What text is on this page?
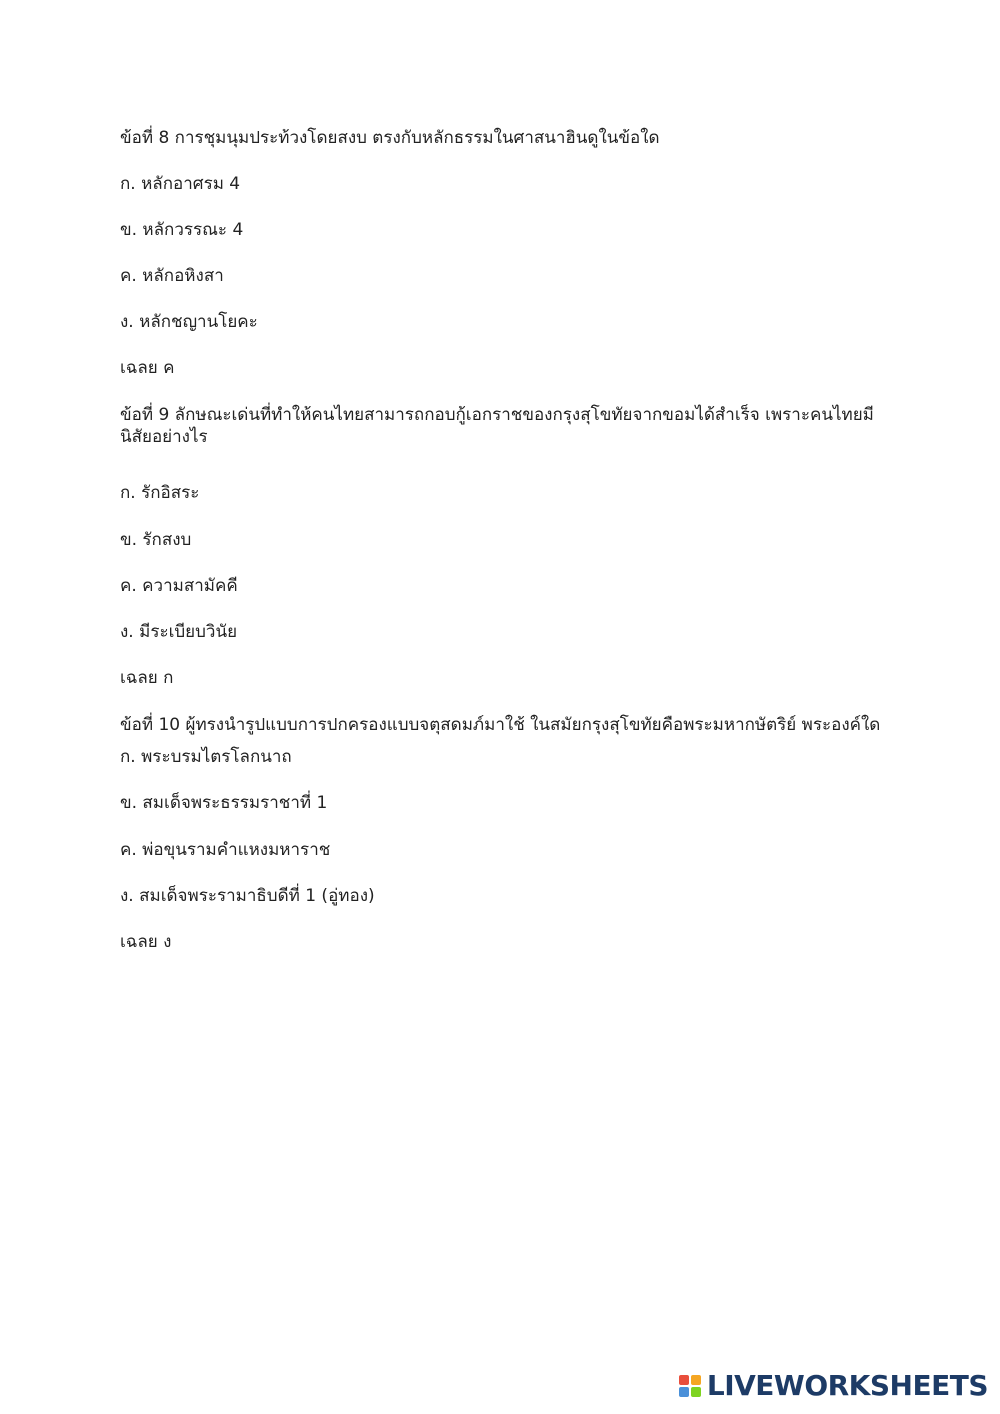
ข้อที่ 8 การชุมนุมประท้วงโดยสงบ ตรงกับหลักธรรมในศาสนาฮินดูในข้อใด

ก. หลักอาศรม 4

ข. หลักวรรณะ 4

ค. หลักอหิงสา

ง. หลักชญานโยคะ

เฉลย ค

ข้อที่ 9 ลักษณะเด่นที่ทำให้คนไทยสามารถกอบกู้เอกราชของกรุงสุโขทัยจากขอมได้สำเร็จ เพราะคนไทยมีนิสัยอย่างไร

ก. รักอิสระ

ข. รักสงบ

ค. ความสามัคคี

ง. มีระเบียบวินัย

เฉลย ก

ข้อที่ 10 ผู้ทรงนำรูปแบบการปกครองแบบจตุสดมภ์มาใช้ ในสมัยกรุงสุโขทัยคือพระมหากษัตริย์ พระองค์ใด

ก. พระบรมไตรโลกนาถ

ข. สมเด็จพระธรรมราชาที่ 1

ค. พ่อขุนรามคำแหงมหาราช

ง. สมเด็จพระรามาธิบดีที่ 1 (อู่ทอง)

เฉลย ง

LIVEWORKSHEETS
